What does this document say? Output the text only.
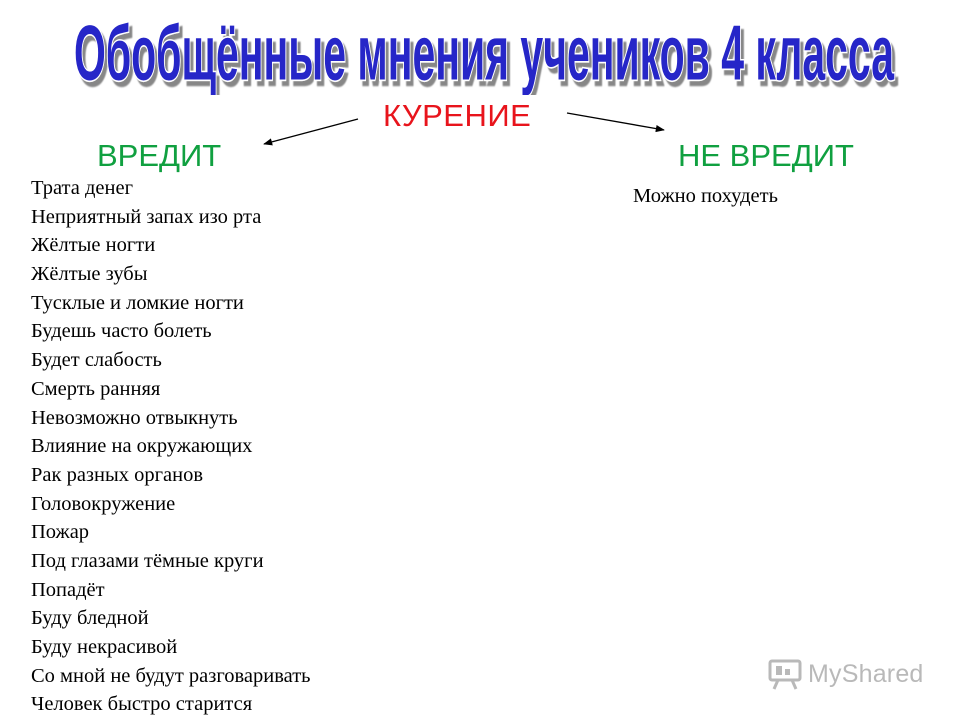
Обобщённые мнения учеников 4 класса
КУРЕНИЕ
ВРЕДИТ	НЕ ВРЕДИТ
Трата денег
Неприятный запах изо рта
Жёлтые ногти
Жёлтые зубы
Тусклые и ломкие ногти
Будешь часто болеть
Будет слабость
Смерть ранняя
Невозможно отвыкнуть
Влияние на окружающих
Рак разных органов
Головокружение
Пожар
Под глазами тёмные круги
Попадёт
Буду бледной
Буду некрасивой
Со мной не будут разговаривать
Человек быстро старится
Можно похудеть
MyShared
